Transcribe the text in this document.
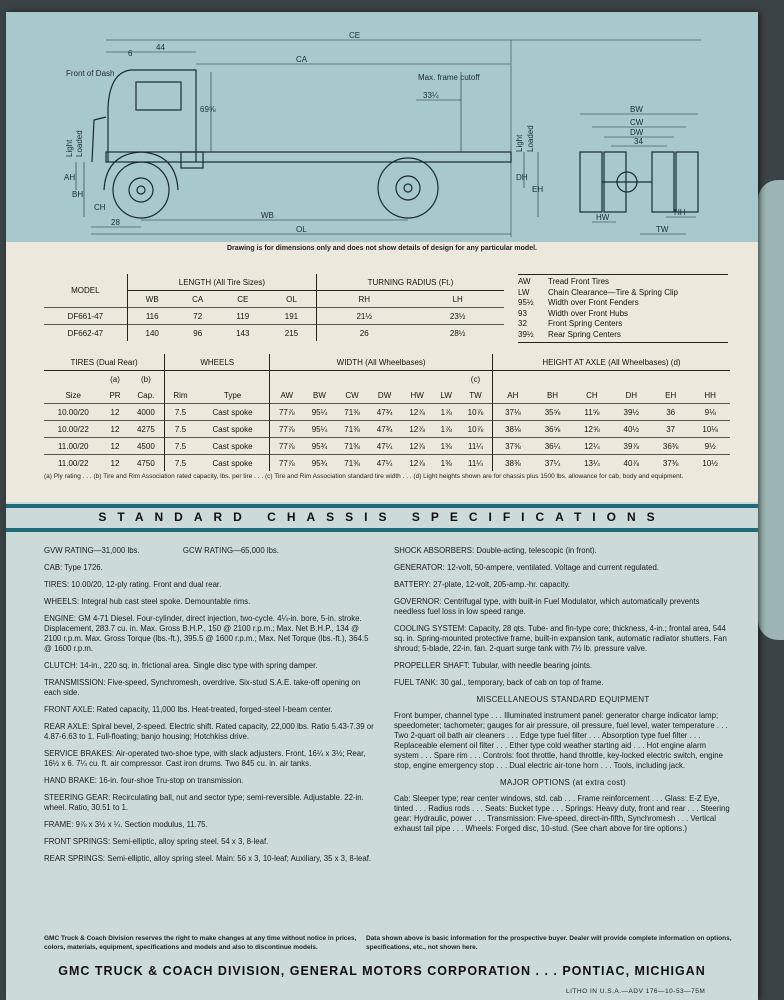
Front of Dash	Max. frame cutoff
CE
44
6
CA
69⅝
33¼
28
WB
OL
AH
BH
CH
DH
EH
BW
CW
DW
34
HW
HH
TW
Light Loaded	Light Loaded
Drawing is for dimensions only and does not show details of design for any particular model.
MODEL	LENGTH (All Tire Sizes)				TURNING RADIUS (Ft.)	
	WB	CA	CE	OL	RH	LH
DF661-47	116	72	119	191	21½	23½
DF662-47	140	96	143	215	26	28½
AW Tread Front Tires
LW Chain Clearance—Tire & Spring Clip
95½ Width over Front Fenders
93	Width over Front Hubs
32	Front Spring Centers
39½ Rear Spring Centers
TIRES (Dual Rear)			WHEELS		WIDTH (All Wheelbases)							HEIGHT AT AXLE (All Wheelbases) (d)					
	(a)	(b)									(c)						
Size	PR	Cap.	Rim	Type	AW	BW	CW	DW	HW	LW	TW	AH	BH	CH	DH	EH	HH
10.00/20	12	4000	7.5	Cast spoke	77⅞	95¼	71⅜	47¾	12⅞	1⅞	10⅞	37⅛	35⅝	11⅝	39½	36	9⅛
10.00/22	12	4275	7.5	Cast spoke	77⅞	95¼	71⅜	47¾	12⅞	1⅞	10⅞	38⅛	36⅝	12⅝	40½	37	10⅛
11.00/20	12	4500	7.5	Cast spoke	77⅞	95¾	71⅜	47¼	12⅞	1⅜	11¼	37⅜	36¼	12¼	39⅞	36⅜	9½
11.00/22	12	4750	7.5	Cast spoke	77⅞	95¾	71⅜	47¼	12⅞	1⅜	11¼	38⅜	37¼	13¼	40⅞	37⅜	10½
(a) Ply rating . . . (b) Tire and Rim Association rated capacity, lbs. per tire . . . (c) Tire and Rim Association standard tire width . . . (d) Light heights shown are for chassis plus 1500 lbs. allowance for cab, body and equipment.
STANDARD CHASSIS SPECIFICATIONS

GVW RATING—31,000 lbs.                    GCW RATING—65,000 lbs.

CAB: Type 1726.

TIRES: 10.00/20, 12-ply rating. Front and dual rear.

WHEELS: Integral hub cast steel spoke. Demountable rims.

ENGINE: GM 4-71 Diesel. Four-cylinder, direct injection, two-cycle. 4¼-in. bore, 5-in. stroke. Displacement, 283.7 cu. in. Max. Gross B.H.P., 150 @ 2100 r.p.m.; Max. Net B.H.P., 134 @ 2100 r.p.m. Max. Gross Torque (lbs.-ft.), 395.5 @ 1600 r.p.m.; Max. Net Torque (lbs.-ft.), 364.5 @ 1600 r.p.m.

CLUTCH: 14-in., 220 sq. in. frictional area. Single disc type with spring damper.

TRANSMISSION: Five-speed, Synchromesh, overdrive. Six-stud S.A.E. take-off opening on each side.

FRONT AXLE: Rated capacity, 11,000 lbs. Heat-treated, forged-steel I-beam center.

REAR AXLE: Spiral bevel, 2-speed. Electric shift. Rated capacity, 22,000 lbs. Ratio 5.43-7.39 or 4.87-6.63 to 1. Full-floating; banjo housing; Hotchkiss drive.

SERVICE BRAKES: Air-operated two-shoe type, with slack adjusters. Front, 16¼ x 3½; Rear, 16½ x 6. 7¼ cu. ft. air compressor. Cast iron drums. Two 845 cu. in. air tanks.

HAND BRAKE: 16-in. four-shoe Tru-stop on transmission.

STEERING GEAR: Recirculating ball, nut and sector type; semi-reversible. Adjustable. 22-in. wheel. Ratio, 30.51 to 1.

FRAME: 9⅞ x 3½ x ¼. Section modulus, 11.75.

FRONT SPRINGS: Semi-elliptic, alloy spring steel. 54 x 3, 8-leaf.

REAR SPRINGS: Semi-elliptic, alloy spring steel. Main: 56 x 3, 10-leaf; Auxiliary, 35 x 3, 8-leaf.

SHOCK ABSORBERS: Double-acting, telescopic (in front).

GENERATOR: 12-volt, 50-ampere, ventilated. Voltage and current regulated.

BATTERY: 27-plate, 12-volt, 205-amp.-hr. capacity.

GOVERNOR: Centrifugal type, with built-in Fuel Modulator, which automatically prevents needless fuel loss in low speed range.

COOLING SYSTEM: Capacity, 28 qts. Tube- and fin-type core; thickness, 4-in.; frontal area, 544 sq. in. Spring-mounted protective frame, built-in expansion tank, automatic radiator shutters. Fan shroud; 5-blade, 22-in. fan. 2-quart surge tank with 7½ lb. pressure valve.

PROPELLER SHAFT: Tubular, with needle bearing joints.

FUEL TANK: 30 gal., temporary, back of cab on top of frame.

MISCELLANEOUS STANDARD EQUIPMENT

Front bumper, channel type . . . Illuminated instrument panel: generator charge indicator lamp; speedometer; tachometer; gauges for air pressure, oil pressure, fuel level, water temperature . . . Two 2-quart oil bath air cleaners . . . Edge type fuel filter . . . Absorption type fuel filter . . . Replaceable element oil filter . . . Ether type cold weather starting aid . . . Hot engine alarm system . . . Spare rim . . . Controls: foot throttle, hand throttle, key-locked electric switch, engine stop, engine emergency stop . . . Dual electric air-tone horn . . . Tools, including jack.

MAJOR OPTIONS (at extra cost)

Cab: Sleeper type; rear center windows, std. cab . . . Frame reinforcement . . . Glass: E-Z Eye, tinted . . . Radius rods . . . Seats: Bucket type . . . Springs: Heavy duty, front and rear . . . Steering gear: Hydraulic, power . . . Transmission: Five-speed, direct-in-fifth, Synchromesh . . . Vertical exhaust tail pipe . . . Wheels: Forged disc, 10-stud. (See chart above for tire options.)

GMC Truck & Coach Division reserves the right to make changes at any time without notice in prices, colors, materials, equipment, specifications and models and also to discontinue models.
Data shown above is basic information for the prospective buyer. Dealer will provide complete information on options, specifications, etc., not shown here.
GMC TRUCK & COACH DIVISION, GENERAL MOTORS CORPORATION . . . PONTIAC, MICHIGAN
LITHO IN U.S.A.—ADV 176—10-53—75M
